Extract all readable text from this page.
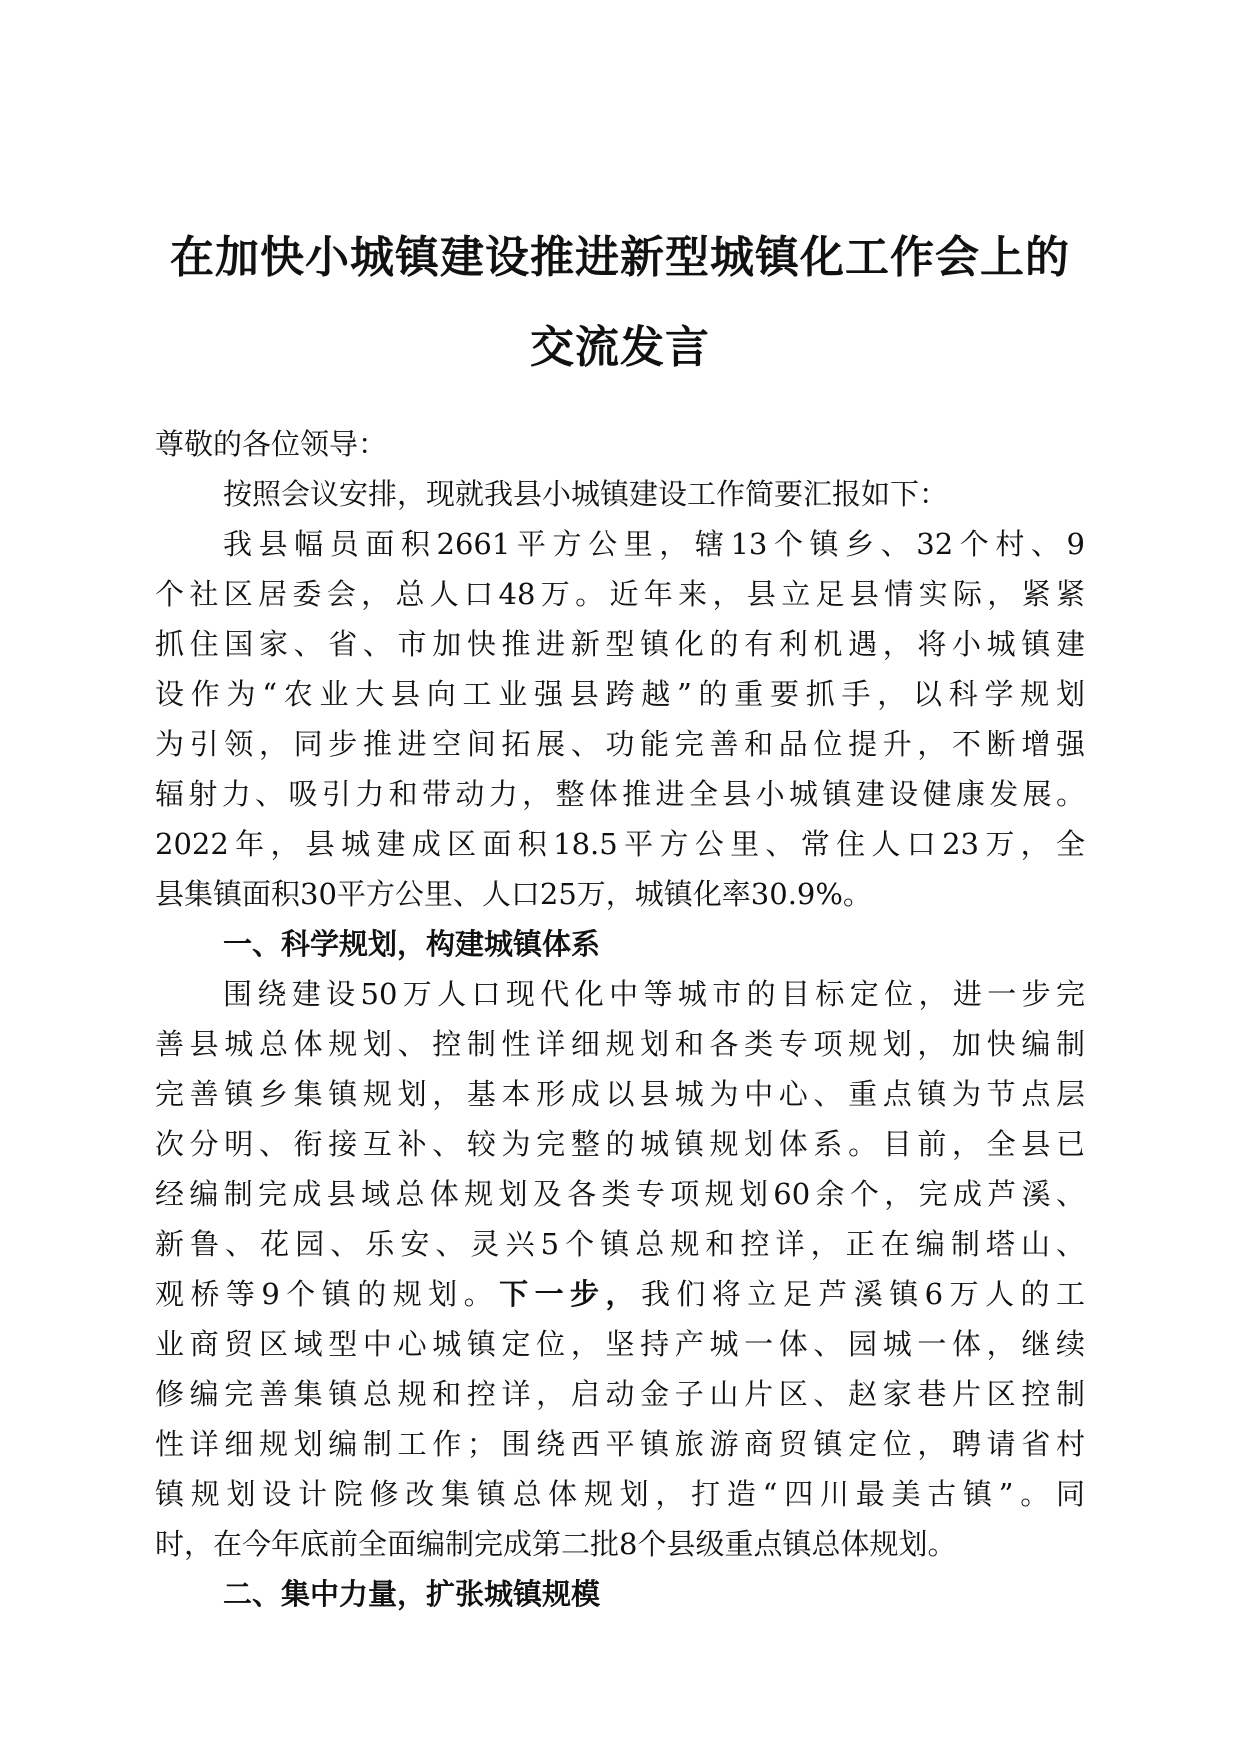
在加快小城镇建设推进新型城镇化工作会上的
交流发言
尊敬的各位领导：
按照会议安排，现就我县小城镇建设工作简要汇报如下：
我县幅员面积2661平方公里，辖13个镇乡、32个村、9
个社区居委会，总人口48万。近年来，县立足县情实际，紧紧
抓住国家、省、市加快推进新型镇化的有利机遇，将小城镇建
设作为“农业大县向工业强县跨越”的重要抓手，以科学规划
为引领，同步推进空间拓展、功能完善和品位提升，不断增强
辐射力、吸引力和带动力，整体推进全县小城镇建设健康发展。
2022年，县城建成区面积18.5平方公里、常住人口23万，全
县集镇面积30平方公里、人口25万，城镇化率30.9%。
一、科学规划，构建城镇体系
围绕建设50万人口现代化中等城市的目标定位，进一步完
善县城总体规划、控制性详细规划和各类专项规划，加快编制
完善镇乡集镇规划，基本形成以县城为中心、重点镇为节点层
次分明、衔接互补、较为完整的城镇规划体系。目前，全县已
经编制完成县域总体规划及各类专项规划60余个，完成芦溪、
新鲁、花园、乐安、灵兴5个镇总规和控详，正在编制塔山、
观桥等9个镇的规划。下一步，我们将立足芦溪镇6万人的工
业商贸区域型中心城镇定位，坚持产城一体、园城一体，继续
修编完善集镇总规和控详，启动金子山片区、赵家巷片区控制
性详细规划编制工作；围绕西平镇旅游商贸镇定位，聘请省村
镇规划设计院修改集镇总体规划，打造“四川最美古镇”。同
时，在今年底前全面编制完成第二批8个县级重点镇总体规划。
二、集中力量，扩张城镇规模
